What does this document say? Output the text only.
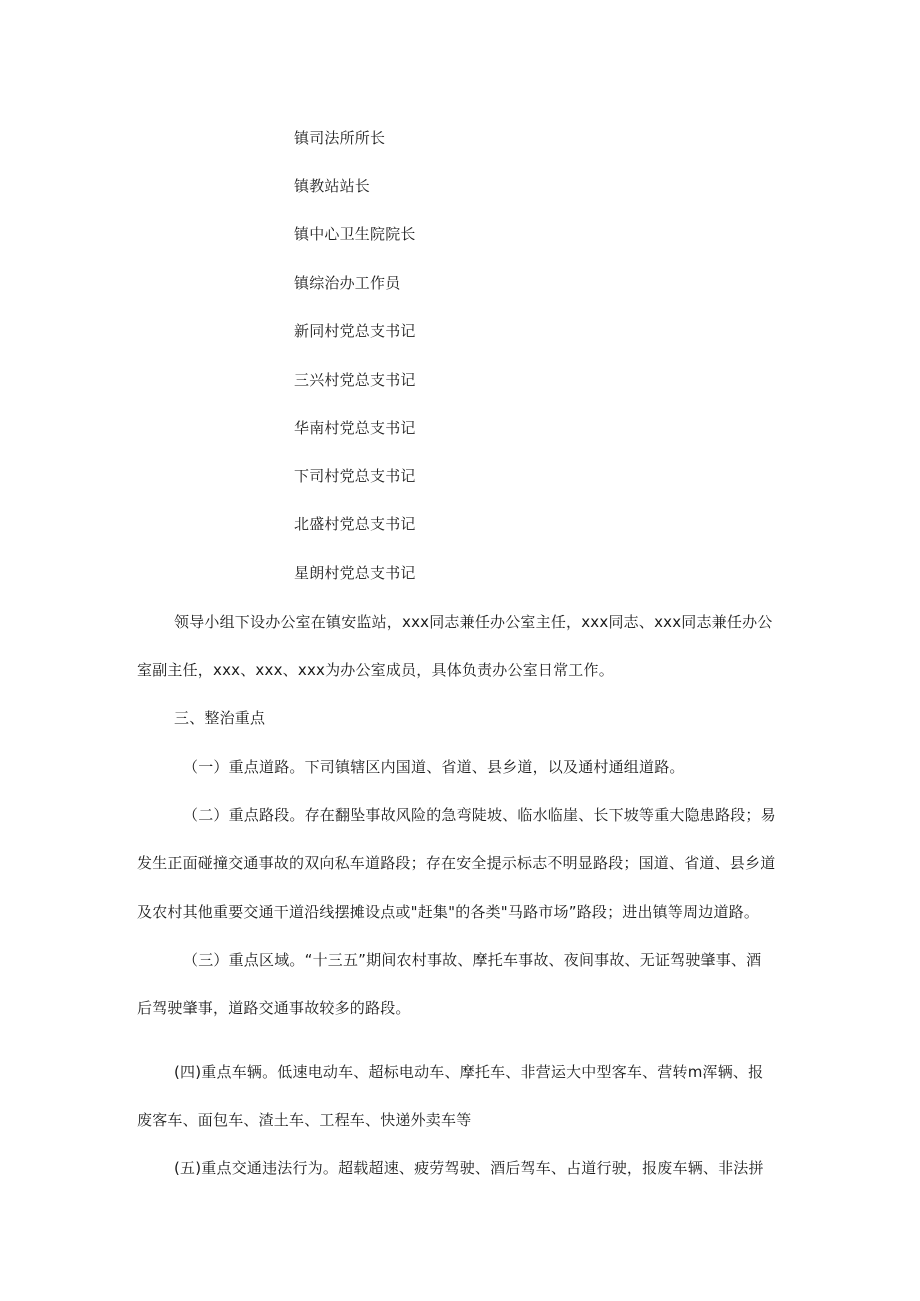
镇司法所所长
镇教站站长
镇中心卫生院院长
镇综治办工作员
新同村党总支书记
三兴村党总支书记
华南村党总支书记
下司村党总支书记
北盛村党总支书记
星朗村党总支书记
领导小组下设办公室在镇安监站，xxx同志兼任办公室主任，xxx同志、xxx同志兼任办公
室副主任，xxx、xxx、xxx为办公室成员，具体负责办公室日常工作。
三、整治重点
（一）重点道路。下司镇辖区内国道、省道、县乡道，以及通村通组道路。
（二）重点路段。存在翻坠事故风险的急弯陡坡、临水临崖、长下坡等重大隐患路段；易
发生正面碰撞交通事故的双向私车道路段；存在安全提示标志不明显路段；国道、省道、县乡道
及农村其他重要交通干道沿线摆摊设点或"赶集"的各类"马路市场”路段；进出镇等周边道路。
（三）重点区域。“十三五”期间农村事故、摩托车事故、夜间事故、无证驾驶肇事、酒
后驾驶肇事，道路交通事故较多的路段。
(四)重点车辆。低速电动车、超标电动车、摩托车、非营运大中型客车、营转m浑辆、报
废客车、面包车、渣土车、工程车、快递外卖车等
(五)重点交通违法行为。超载超速、疲劳驾驶、酒后驾车、占道行驶，报废车辆、非法拼
